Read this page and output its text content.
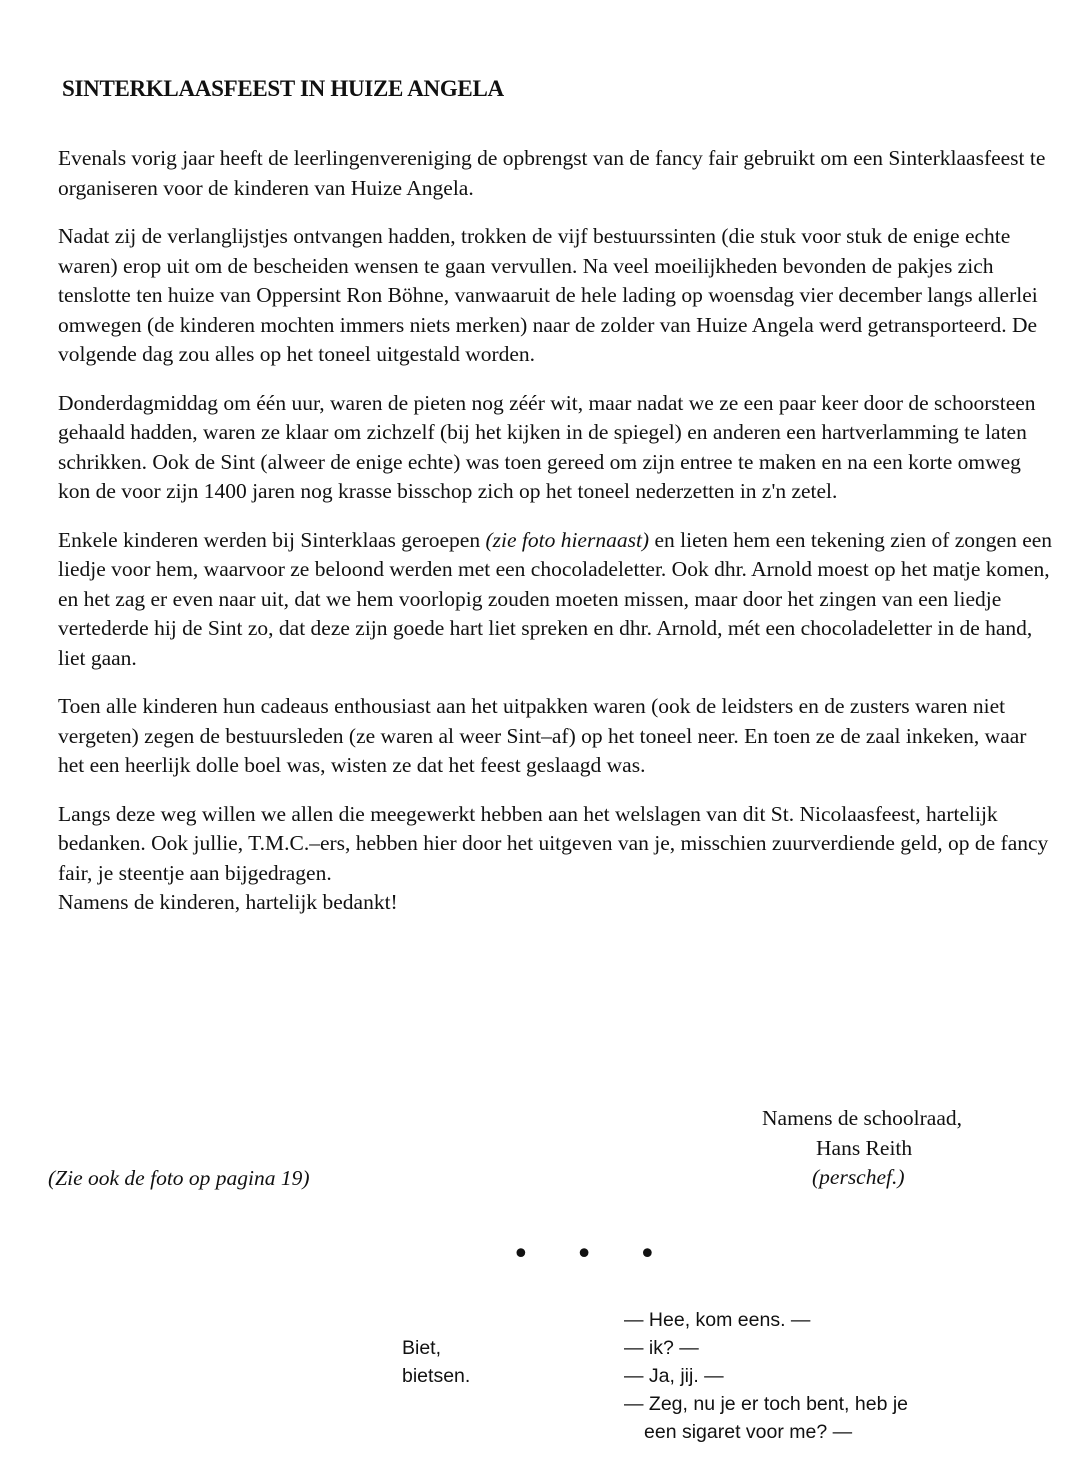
SINTERKLAASFEEST IN HUIZE ANGELA

Evenals vorig jaar heeft de leerlingenvereniging de opbrengst van de fancy fair gebruikt om een Sinterklaasfeest te organiseren voor de kinderen van Huize Angela.

Nadat zij de verlanglijstjes ontvangen hadden, trokken de vijf bestuurssinten (die stuk voor stuk de enige echte waren) erop uit om de bescheiden wensen te gaan vervullen. Na veel moeilijkheden bevonden de pakjes zich tenslotte ten huize van Oppersint Ron Böhne, vanwaaruit de hele lading op woensdag vier december langs allerlei omwegen (de kinderen mochten immers niets merken) naar de zolder van Huize Angela werd getransporteerd. De volgende dag zou alles op het toneel uitgestald worden.

Donderdagmiddag om één uur, waren de pieten nog zéér wit, maar nadat we ze een paar keer door de schoorsteen gehaald hadden, waren ze klaar om zichzelf (bij het kijken in de spiegel) en anderen een hartverlamming te laten schrikken. Ook de Sint (alweer de enige echte) was toen gereed om zijn entree te maken en na een korte omweg kon de voor zijn 1400 jaren nog krasse bisschop zich op het toneel nederzetten in z'n zetel.

Enkele kinderen werden bij Sinterklaas geroepen (zie foto hiernaast) en lieten hem een tekening zien of zongen een liedje voor hem, waarvoor ze beloond werden met een chocoladeletter. Ook dhr. Arnold moest op het matje komen, en het zag er even naar uit, dat we hem voorlopig zouden moeten missen, maar door het zingen van een liedje vertederde hij de Sint zo, dat deze zijn goede hart liet spreken en dhr. Arnold, mét een chocoladeletter in de hand, liet gaan.

Toen alle kinderen hun cadeaus enthousiast aan het uitpakken waren (ook de leidsters en de zusters waren niet vergeten) zegen de bestuursleden (ze waren al weer Sint–af) op het toneel neer. En toen ze de zaal inkeken, waar het een heerlijk dolle boel was, wisten ze dat het feest geslaagd was.

Langs deze weg willen we allen die meegewerkt hebben aan het welslagen van dit St. Nicolaasfeest, hartelijk bedanken. Ook jullie, T.M.C.–ers, hebben hier door het uitgeven van je, misschien zuurverdiende geld, op de fancy fair, je steentje aan bijgedragen.
Namens de kinderen, hartelijk bedankt!

Namens de schoolraad,
Hans Reith
(perschef.)
(Zie ook de foto op pagina 19)
• • •
Biet,
bietsen.
— Hee, kom eens. —
— ik? —
— Ja, jij. —
— Zeg, nu je er toch bent, heb je
een sigaret voor me? —
